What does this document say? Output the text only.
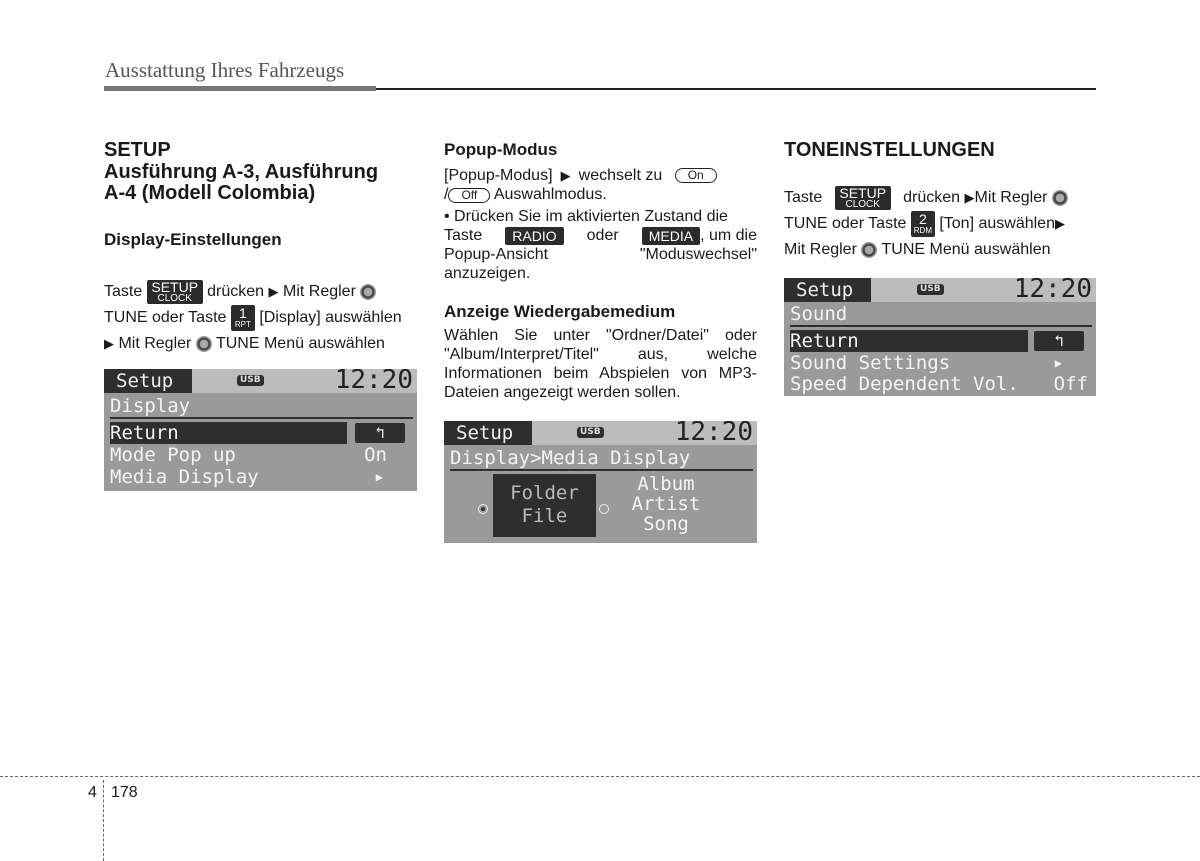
Ausstattung Ihres Fahrzeugs

SETUP

Ausführung A-3, Ausführung

A-4 (Modell Colombia)

Display-Einstellungen

Taste SETUP
CLOCK drücken ▶ Mit Regler

TUNE oder Taste 1
RPT [Display] auswählen

▶ Mit Regler TUNE Menü auswählen

Setup	USB	12:20
Display
Return	↰
Mode Pop up	On
Media Display	▶

Popup-Modus

[Popup-Modus]  ▶  wechselt zu On

/ Off Auswahlmodus.

• Drücken Sie im aktivierten Zustand die

Taste	RADIO	oder	MEDIA , um die

Popup-Ansicht	"Moduswechsel"

anzuzeigen.

Anzeige Wiedergabemedium

Wählen Sie unter "Ordner/Datei" oder

"Album/Interpret/Titel" aus, welche

Informationen beim Abspielen von MP3-

Dateien angezeigt werden sollen.

Setup	USB	12:20
Display>Media Display
Folder
File
Album
Artist
Song

TONEINSTELLUNGEN

Taste	SETUP
CLOCK	drücken ▶Mit Regler

TUNE oder Taste 2
RDM [Ton] auswählen▶

Mit Regler TUNE Menü auswählen

Setup	USB	12:20
Sound
Return	↰
Sound Settings	▶
Speed Dependent Vol. Off
4 178
